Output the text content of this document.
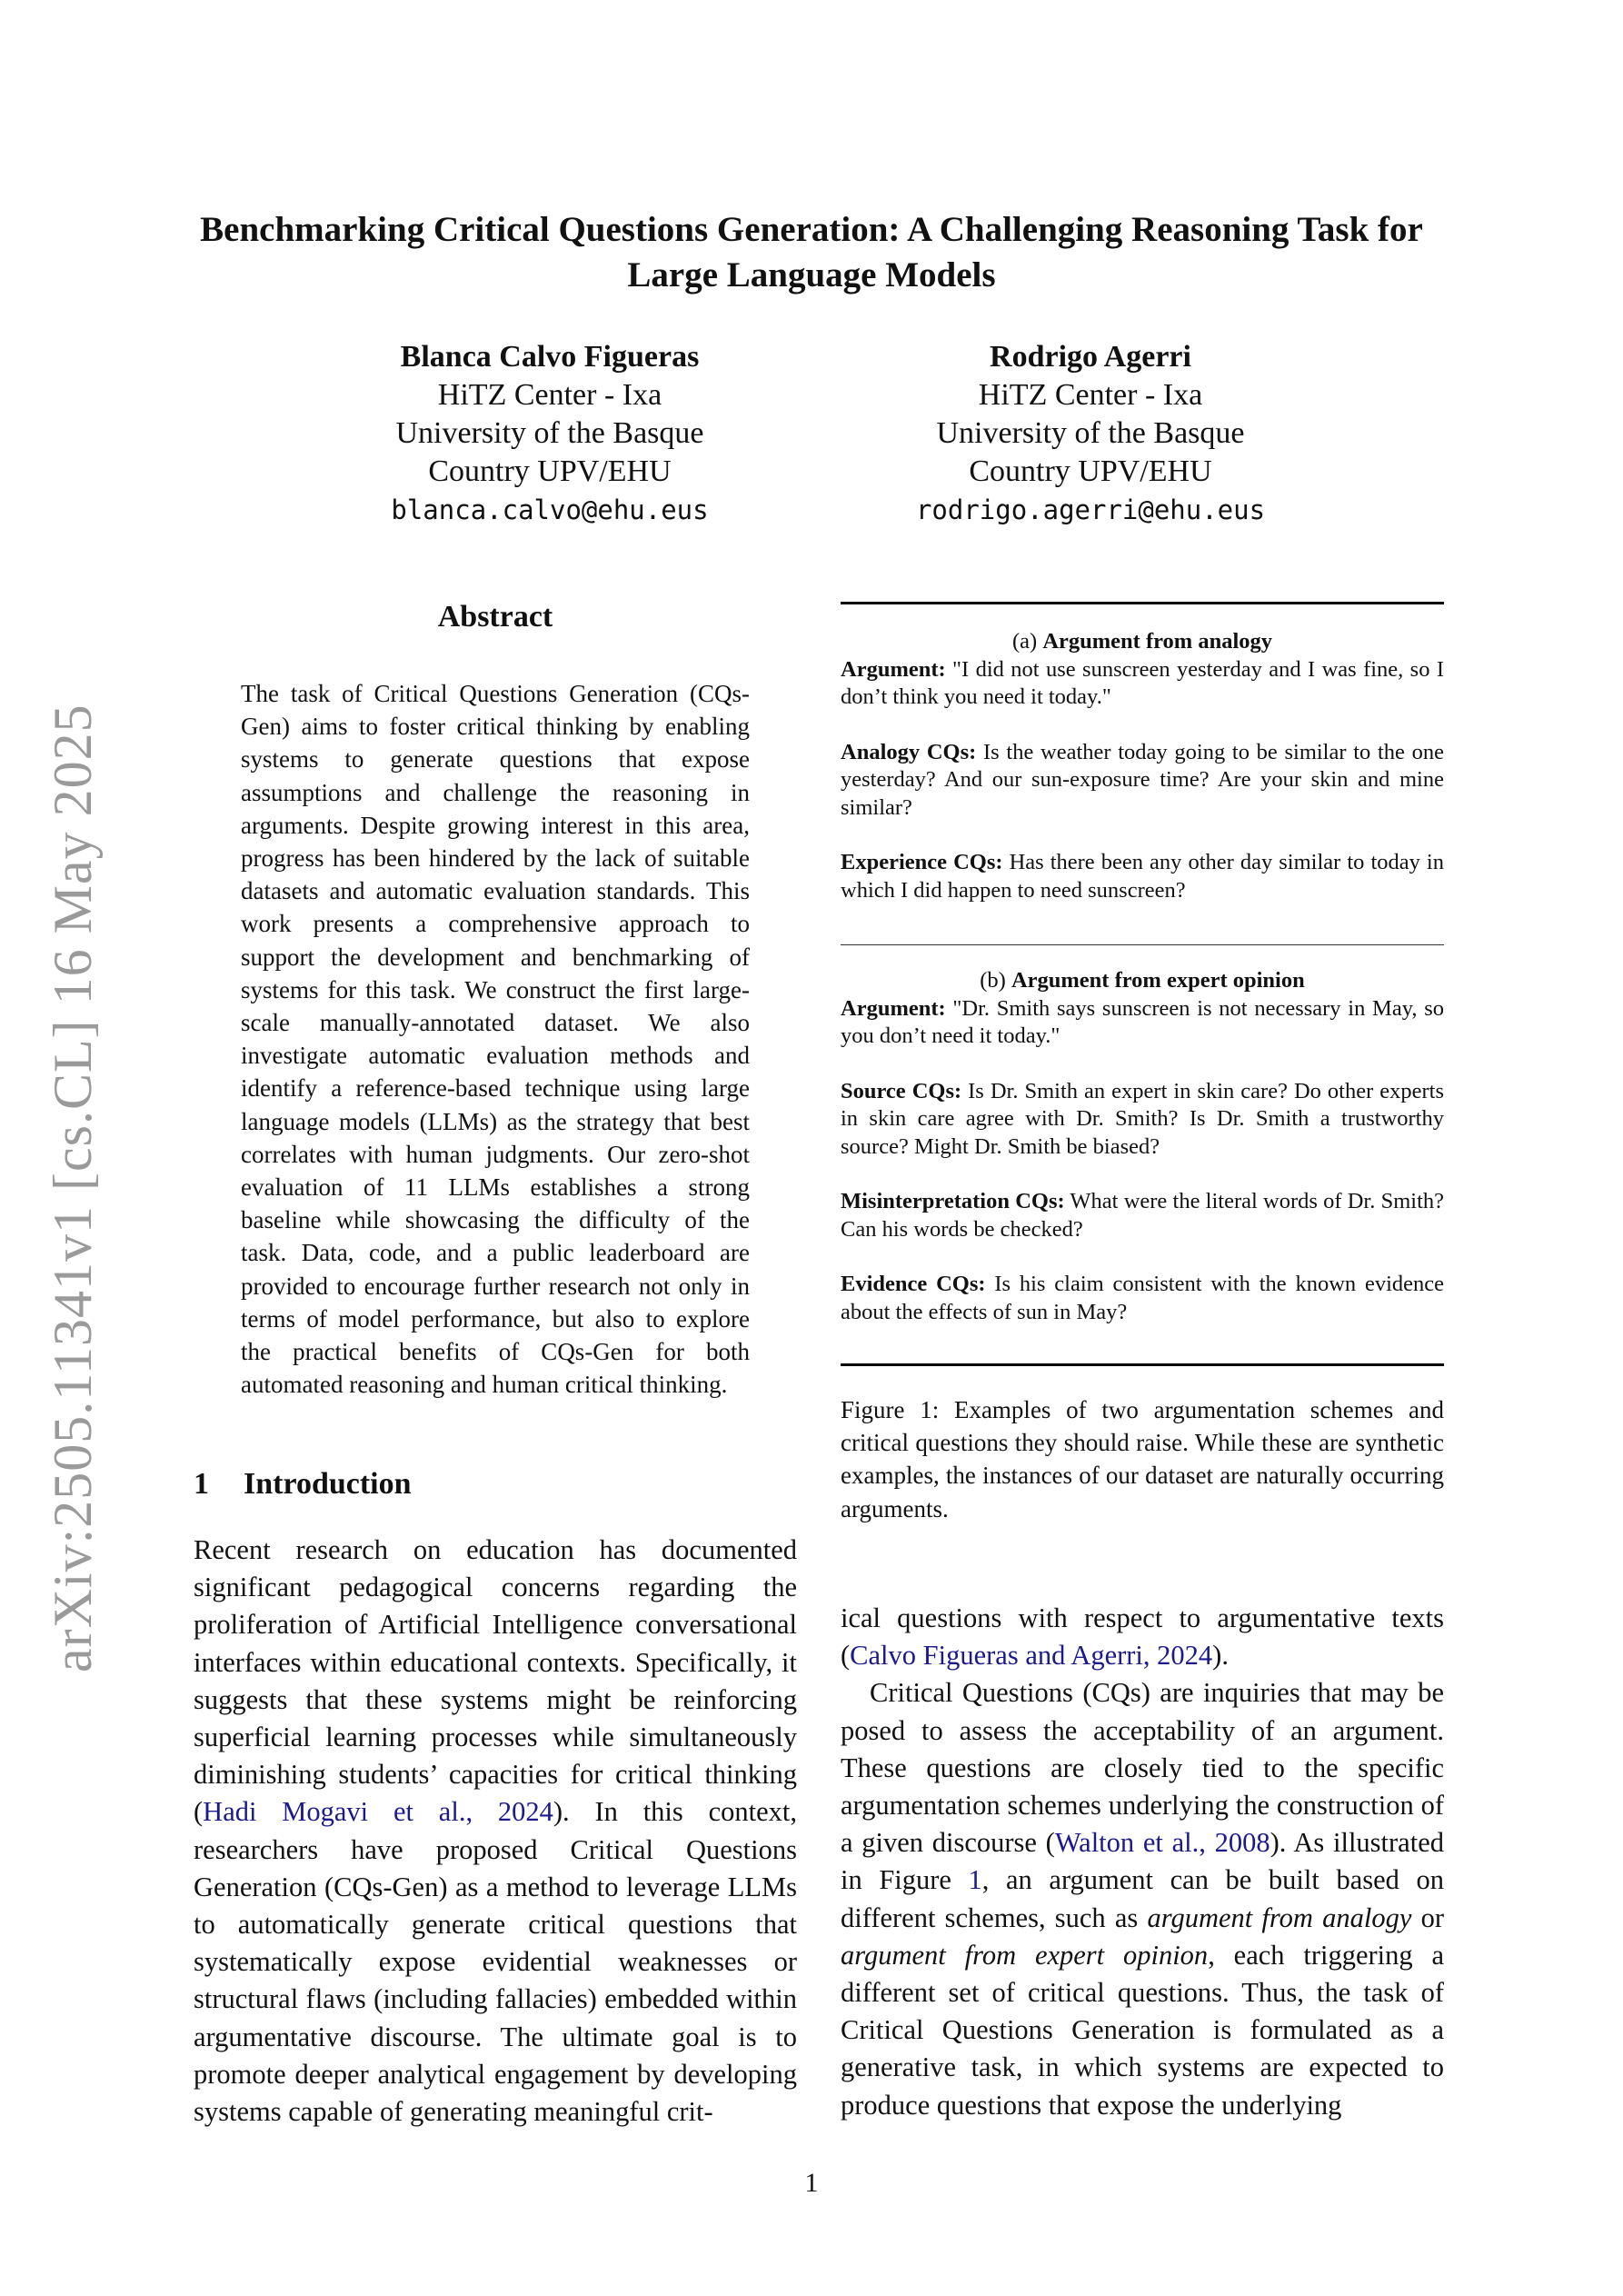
arXiv:2505.11341v1 [cs.CL] 16 May 2025
Benchmarking Critical Questions Generation: A Challenging Reasoning Task for Large Language Models
Blanca Calvo Figueras
HiTZ Center - Ixa
University of the Basque
Country UPV/EHU
blanca.calvo@ehu.eus
Rodrigo Agerri
HiTZ Center - Ixa
University of the Basque
Country UPV/EHU
rodrigo.agerri@ehu.eus
Abstract
The task of Critical Questions Generation (CQs-Gen) aims to foster critical thinking by enabling systems to generate questions that expose assumptions and challenge the reasoning in arguments. Despite growing interest in this area, progress has been hindered by the lack of suitable datasets and automatic evaluation standards. This work presents a comprehensive approach to support the development and benchmarking of systems for this task. We construct the first large-scale manually-annotated dataset. We also investigate automatic evaluation methods and identify a reference-based technique using large language models (LLMs) as the strategy that best correlates with human judgments. Our zero-shot evaluation of 11 LLMs establishes a strong baseline while showcasing the difficulty of the task. Data, code, and a public leaderboard are provided to encourage further research not only in terms of model performance, but also to explore the practical benefits of CQs-Gen for both automated reasoning and human critical thinking.
1 Introduction
Recent research on education has documented significant pedagogical concerns regarding the proliferation of Artificial Intelligence conversational interfaces within educational contexts. Specifically, it suggests that these systems might be reinforcing superficial learning processes while simultaneously diminishing students’ capacities for critical thinking (Hadi Mogavi et al., 2024). In this context, researchers have proposed Critical Questions Generation (CQs-Gen) as a method to leverage LLMs to automatically generate critical questions that systematically expose evidential weaknesses or structural flaws (including fallacies) embedded within argumentative discourse. The ultimate goal is to promote deeper analytical engagement by developing systems capable of generating meaningful crit-

(a) Argument from analogy

Argument: "I did not use sunscreen yesterday and I was fine, so I don’t think you need it today."

Analogy CQs: Is the weather today going to be similar to the one yesterday? And our sun-exposure time? Are your skin and mine similar?

Experience CQs: Has there been any other day similar to today in which I did happen to need sunscreen?

(b) Argument from expert opinion

Argument: "Dr. Smith says sunscreen is not necessary in May, so you don’t need it today."

Source CQs: Is Dr. Smith an expert in skin care? Do other experts in skin care agree with Dr. Smith? Is Dr. Smith a trustworthy source? Might Dr. Smith be biased?

Misinterpretation CQs: What were the literal words of Dr. Smith? Can his words be checked?

Evidence CQs: Is his claim consistent with the known evidence about the effects of sun in May?

Figure 1: Examples of two argumentation schemes and critical questions they should raise. While these are synthetic examples, the instances of our dataset are naturally occurring arguments.

ical questions with respect to argumentative texts (Calvo Figueras and Agerri, 2024).

Critical Questions (CQs) are inquiries that may be posed to assess the acceptability of an argument. These questions are closely tied to the specific argumentation schemes underlying the construction of a given discourse (Walton et al., 2008). As illustrated in Figure 1, an argument can be built based on different schemes, such as argument from analogy or argument from expert opinion, each triggering a different set of critical questions. Thus, the task of Critical Questions Generation is formulated as a generative task, in which systems are expected to produce questions that expose the underlying

1
